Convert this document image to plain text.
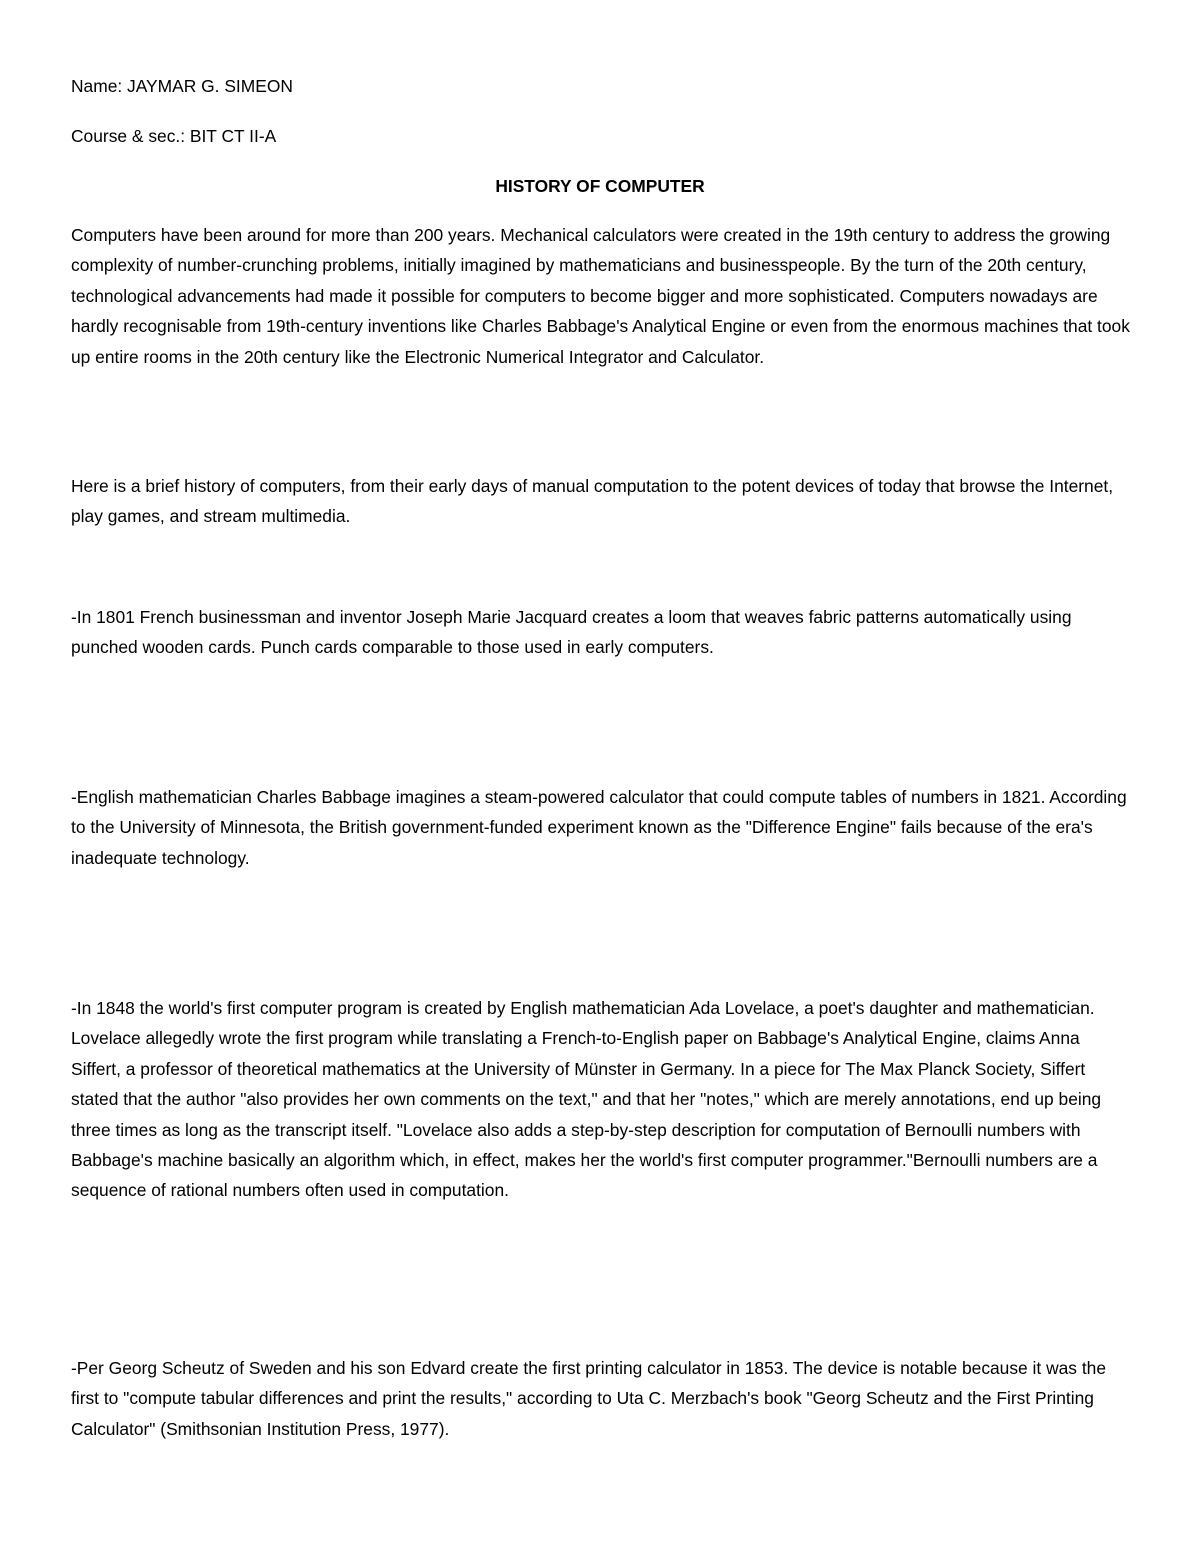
Name: JAYMAR G. SIMEON

Course & sec.: BIT CT II-A

HISTORY OF COMPUTER

Computers have been around for more than 200 years. Mechanical calculators were created in the 19th century to address the growing complexity of number-crunching problems, initially imagined by mathematicians and businesspeople. By the turn of the 20th century, technological advancements had made it possible for computers to become bigger and more sophisticated. Computers nowadays are hardly recognisable from 19th-century inventions like Charles Babbage's Analytical Engine or even from the enormous machines that took up entire rooms in the 20th century like the Electronic Numerical Integrator and Calculator.

Here is a brief history of computers, from their early days of manual computation to the potent devices of today that browse the Internet, play games, and stream multimedia.

-In 1801 French businessman and inventor Joseph Marie Jacquard creates a loom that weaves fabric patterns automatically using punched wooden cards. Punch cards comparable to those used in early computers.

-English mathematician Charles Babbage imagines a steam-powered calculator that could compute tables of numbers in 1821. According to the University of Minnesota, the British government-funded experiment known as the "Difference Engine" fails because of the era's inadequate technology.

-In 1848 the world's first computer program is created by English mathematician Ada Lovelace, a poet's daughter and mathematician. Lovelace allegedly wrote the first program while translating a French-to-English paper on Babbage's Analytical Engine, claims Anna Siffert, a professor of theoretical mathematics at the University of Münster in Germany. In a piece for The Max Planck Society, Siffert stated that the author "also provides her own comments on the text," and that her "notes," which are merely annotations, end up being three times as long as the transcript itself. "Lovelace also adds a step-by-step description for computation of Bernoulli numbers with Babbage's machine basically an algorithm which, in effect, makes her the world's first computer programmer."Bernoulli numbers are a sequence of rational numbers often used in computation.

-Per Georg Scheutz of Sweden and his son Edvard create the first printing calculator in 1853. The device is notable because it was the first to "compute tabular differences and print the results," according to Uta C. Merzbach's book "Georg Scheutz and the First Printing Calculator" (Smithsonian Institution Press, 1977).
